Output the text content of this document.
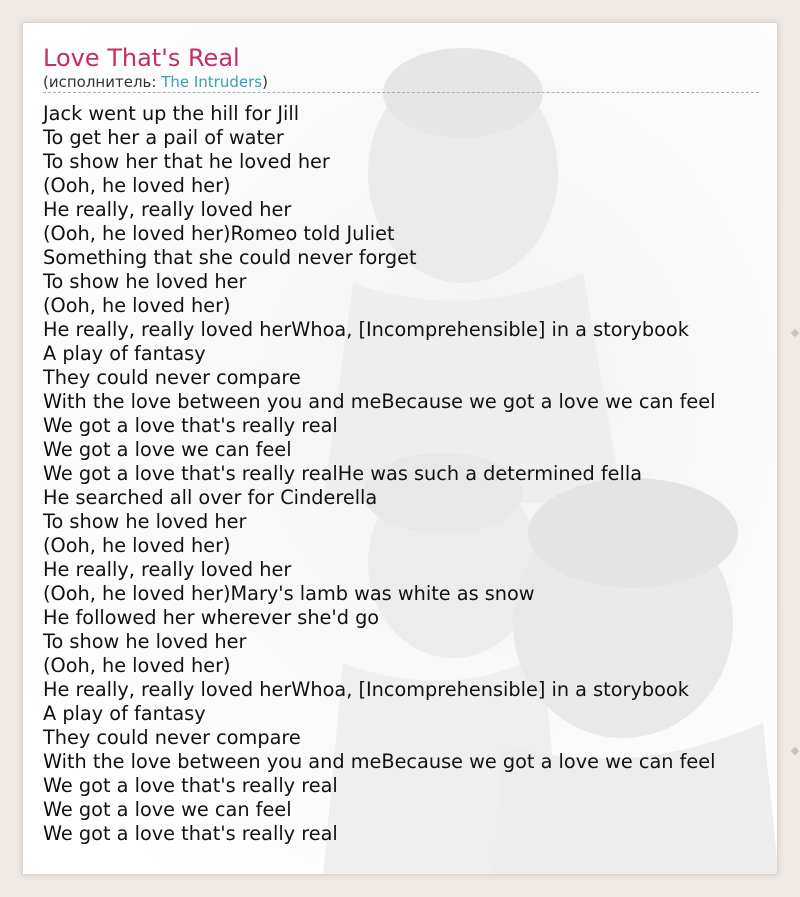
Love That's Real

(исполнитель: The Intruders)

Jack went up the hill for Jill
To get her a pail of water
To show her that he loved her
(Ooh, he loved her)
He really, really loved her
(Ooh, he loved her)Romeo told Juliet
Something that she could never forget
To show he loved her
(Ooh, he loved her)
He really, really loved herWhoa, [Incomprehensible] in a storybook
A play of fantasy
They could never compare
With the love between you and meBecause we got a love we can feel
We got a love that's really real
We got a love we can feel
We got a love that's really realHe was such a determined fella
He searched all over for Cinderella
To show he loved her
(Ooh, he loved her)
He really, really loved her
(Ooh, he loved her)Mary's lamb was white as snow
He followed her wherever she'd go
To show he loved her
(Ooh, he loved her)
He really, really loved herWhoa, [Incomprehensible] in a storybook
A play of fantasy
They could never compare
With the love between you and meBecause we got a love we can feel
We got a love that's really real
We got a love we can feel
We got a love that's really real
